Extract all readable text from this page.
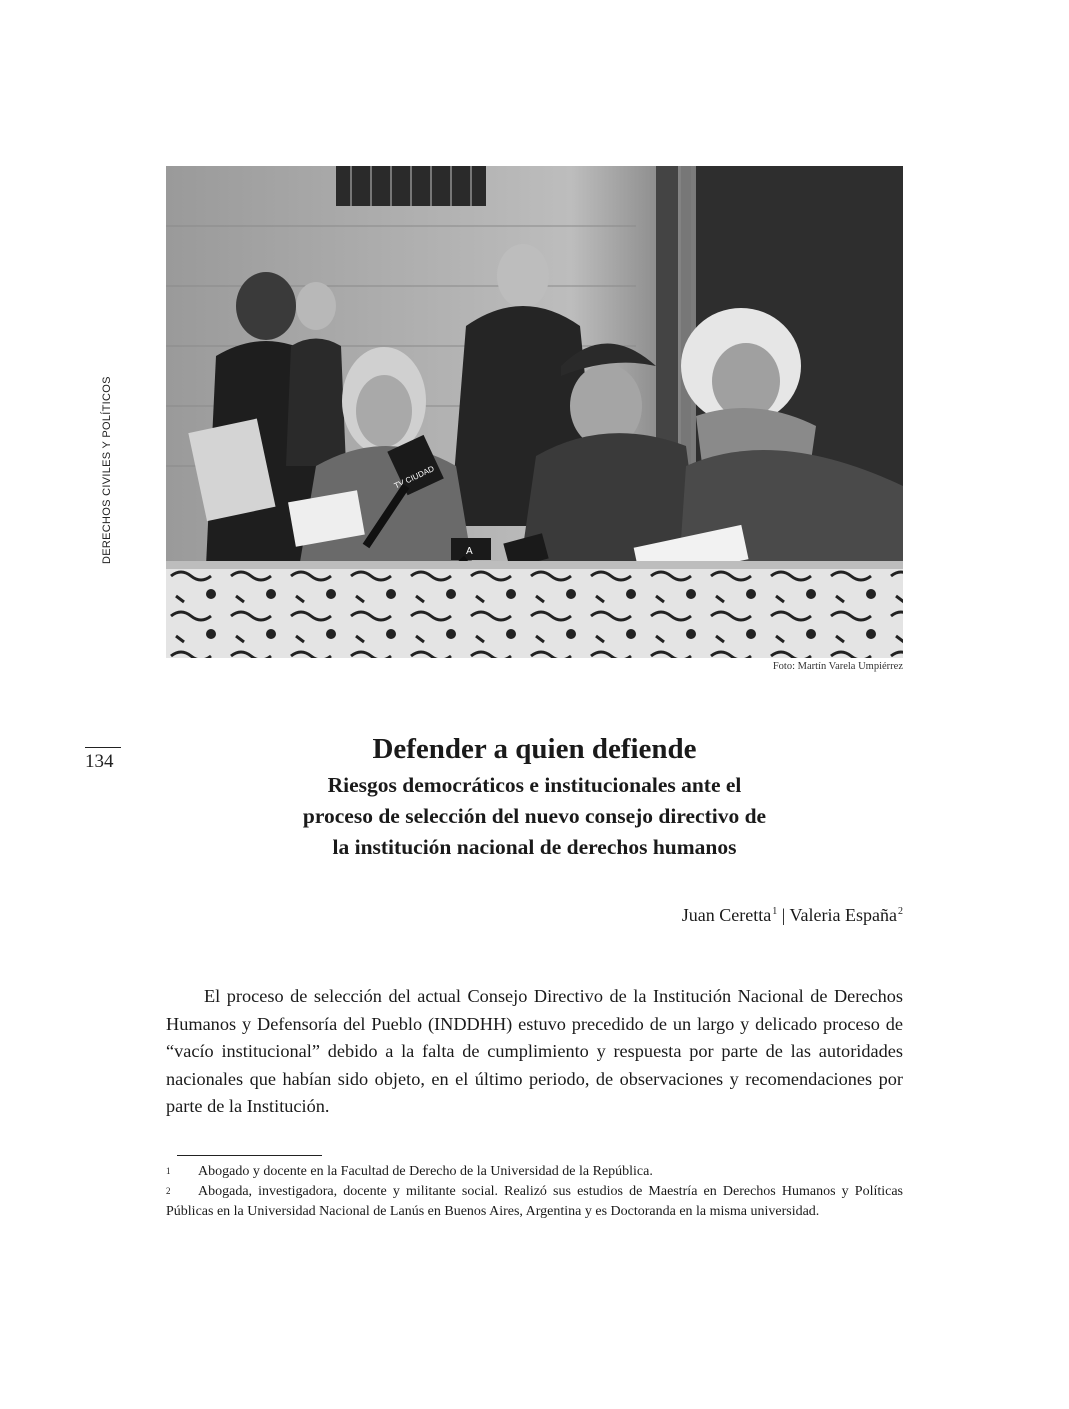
DERECHOS CIVILES Y POLÍTICOS
134
TV CIUDAD
A
Foto: Martín Varela Umpiérrez
Defender a quien defiende
Riesgos democráticos e institucionales ante el
proceso de selección del nuevo consejo directivo de
la institución nacional de derechos humanos
Juan Ceretta$^1$ | Valeria España$^2$

El proceso de selección del actual Consejo Directivo de la Institución Nacional de Derechos Humanos y Defensoría del Pueblo (INDDHH) estuvo precedido de un largo y delicado proceso de “vacío institucional” debido a la falta de cumplimiento y respuesta por parte de las autoridades nacionales que habían sido objeto, en el último periodo, de observaciones y recomendaciones por parte de la Institución.

1 Abogado y docente en la Facultad de Derecho de la Universidad de la República.
2 Abogada, investigadora, docente y militante social. Realizó sus estudios de Maestría en Derechos Humanos y Políticas Públicas en la Universidad Nacional de Lanús en Buenos Aires, Argentina y es Doctoranda en la misma universidad.
